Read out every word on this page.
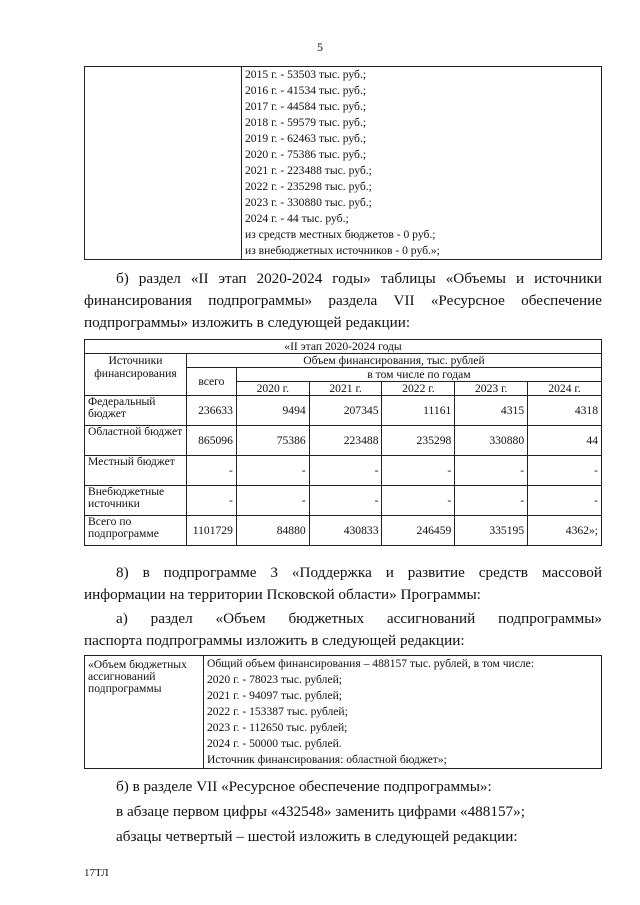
5

2015 г. - 53503 тыс. руб.;
2016 г. - 41534 тыс. руб.;
2017 г. - 44584 тыс. руб.;
2018 г. - 59579 тыс. руб.;
2019 г. - 62463 тыс. руб.;
2020 г. - 75386 тыс. руб.;
2021 г. - 223488 тыс. руб.;
2022 г. - 235298 тыс. руб.;
2023 г. - 330880 тыс. руб.;
2024 г. - 44 тыс. руб.;
из средств местных бюджетов - 0 руб.;
из внебюджетных источников - 0 руб.»;
б) раздел «II этап 2020-2024 годы» таблицы «Объемы и источники
финансирования подпрограммы» раздела VII «Ресурсное обеспечение
подпрограммы» изложить в следующей редакции:
«II этап 2020-2024 годы						
Источники финансирования	Объем финансирования, тыс. рублей					
	всего	в том числе по годам				
		2020 г.	2021 г.	2022 г.	2023 г.	2024 г.
Федеральный бюджет	236633	9494	207345	11161	4315	4318
Областной бюджет	865096	75386	223488	235298	330880	44
Местный бюджет	-	-	-	-	-	-
Внебюджетные источники	-	-	-	-	-	-
Всего по подпрограмме	1101729	84880	430833	246459	335195	4362»;
8) в подпрограмме 3 «Поддержка и развитие средств массовой
информации на территории Псковской области» Программы:
а) раздел «Объем бюджетных ассигнований подпрограммы»
паспорта подпрограммы изложить в следующей редакции:
«Объем бюджетных ассигнований подпрограммы	
Общий объем финансирования – 488157 тыс. рублей, в том числе:
2020 г. - 78023 тыс. рублей;
2021 г. - 94097 тыс. рублей;
2022 г. - 153387 тыс. рублей;
2023 г. - 112650 тыс. рублей;
2024 г. - 50000 тыс. рублей.
Источник финансирования: областной бюджет»;
б) в разделе VII «Ресурсное обеспечение подпрограммы»:
в абзаце первом цифры «432548» заменить цифрами «488157»;
абзацы четвертый – шестой изложить в следующей редакции:
17ТЛ
